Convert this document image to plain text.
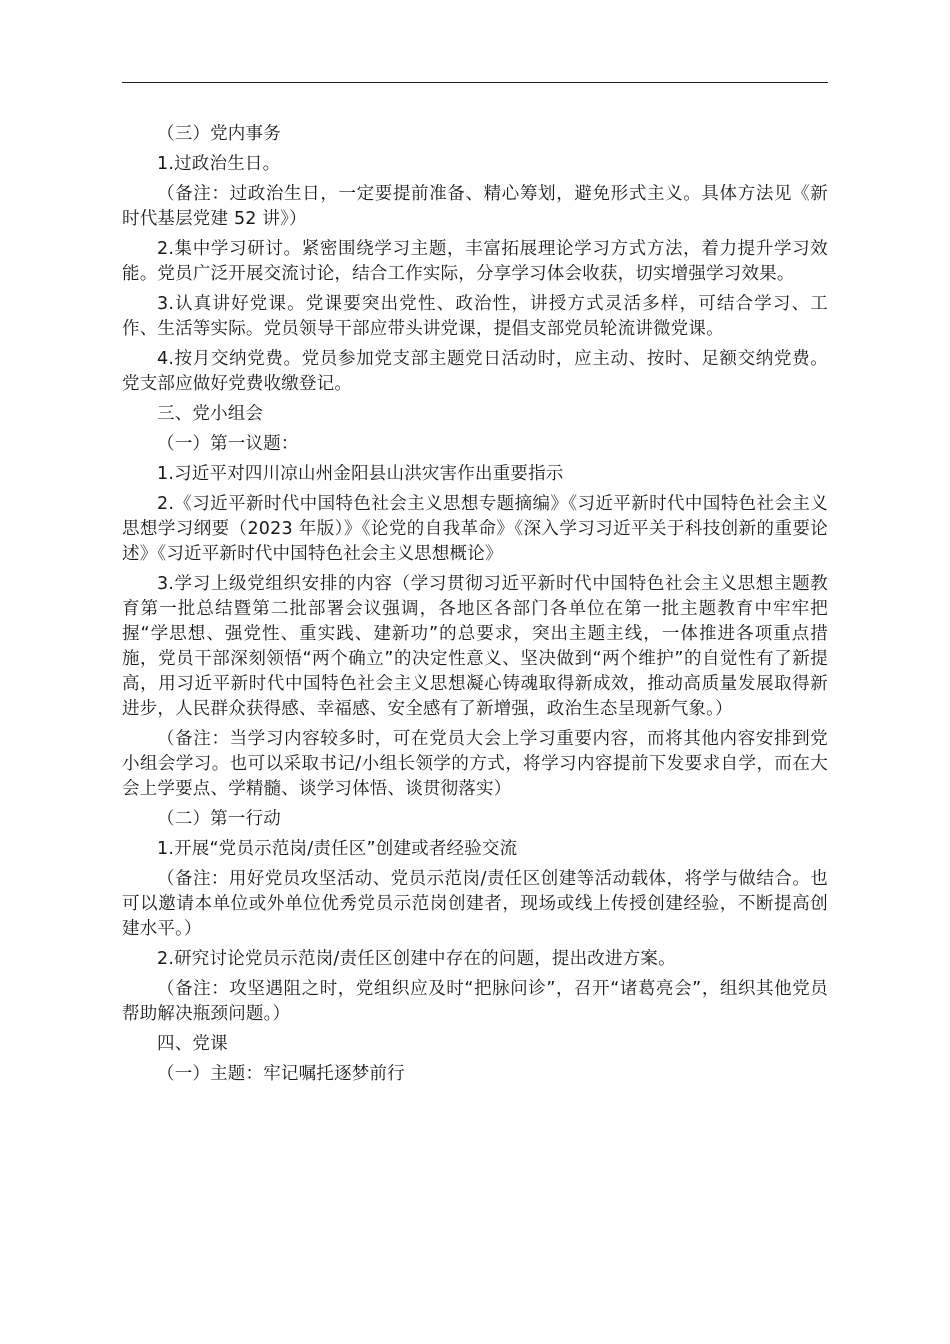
（三）党内事务

1.过政治生日。

（备注：过政治生日，一定要提前准备、精心筹划，避免形式主义。具体方法见《新时代基层党建 52 讲》）

2.集中学习研讨。紧密围绕学习主题，丰富拓展理论学习方式方法，着力提升学习效能。党员广泛开展交流讨论，结合工作实际，分享学习体会收获，切实增强学习效果。

3.认真讲好党课。党课要突出党性、政治性，讲授方式灵活多样，可结合学习、工作、生活等实际。党员领导干部应带头讲党课，提倡支部党员轮流讲微党课。

4.按月交纳党费。党员参加党支部主题党日活动时，应主动、按时、足额交纳党费。党支部应做好党费收缴登记。

三、党小组会

（一）第一议题：

1.习近平对四川凉山州金阳县山洪灾害作出重要指示

2.《习近平新时代中国特色社会主义思想专题摘编》《习近平新时代中国特色社会主义思想学习纲要（2023 年版）》《论党的自我革命》《深入学习习近平关于科技创新的重要论述》《习近平新时代中国特色社会主义思想概论》

3.学习上级党组织安排的内容（学习贯彻习近平新时代中国特色社会主义思想主题教育第一批总结暨第二批部署会议强调，各地区各部门各单位在第一批主题教育中牢牢把握“学思想、强党性、重实践、建新功”的总要求，突出主题主线，一体推进各项重点措施，党员干部深刻领悟“两个确立”的决定性意义、坚决做到“两个维护”的自觉性有了新提高，用习近平新时代中国特色社会主义思想凝心铸魂取得新成效，推动高质量发展取得新进步，人民群众获得感、幸福感、安全感有了新增强，政治生态呈现新气象。）

（备注：当学习内容较多时，可在党员大会上学习重要内容，而将其他内容安排到党小组会学习。也可以采取书记/小组长领学的方式，将学习内容提前下发要求自学，而在大会上学要点、学精髓、谈学习体悟、谈贯彻落实）

（二）第一行动

1.开展“党员示范岗/责任区”创建或者经验交流

（备注：用好党员攻坚活动、党员示范岗/责任区创建等活动载体，将学与做结合。也可以邀请本单位或外单位优秀党员示范岗创建者，现场或线上传授创建经验，不断提高创建水平。）

2.研究讨论党员示范岗/责任区创建中存在的问题，提出改进方案。

（备注：攻坚遇阻之时，党组织应及时“把脉问诊”，召开“诸葛亮会”，组织其他党员帮助解决瓶颈问题。）

四、党课

（一）主题：牢记嘱托逐梦前行
